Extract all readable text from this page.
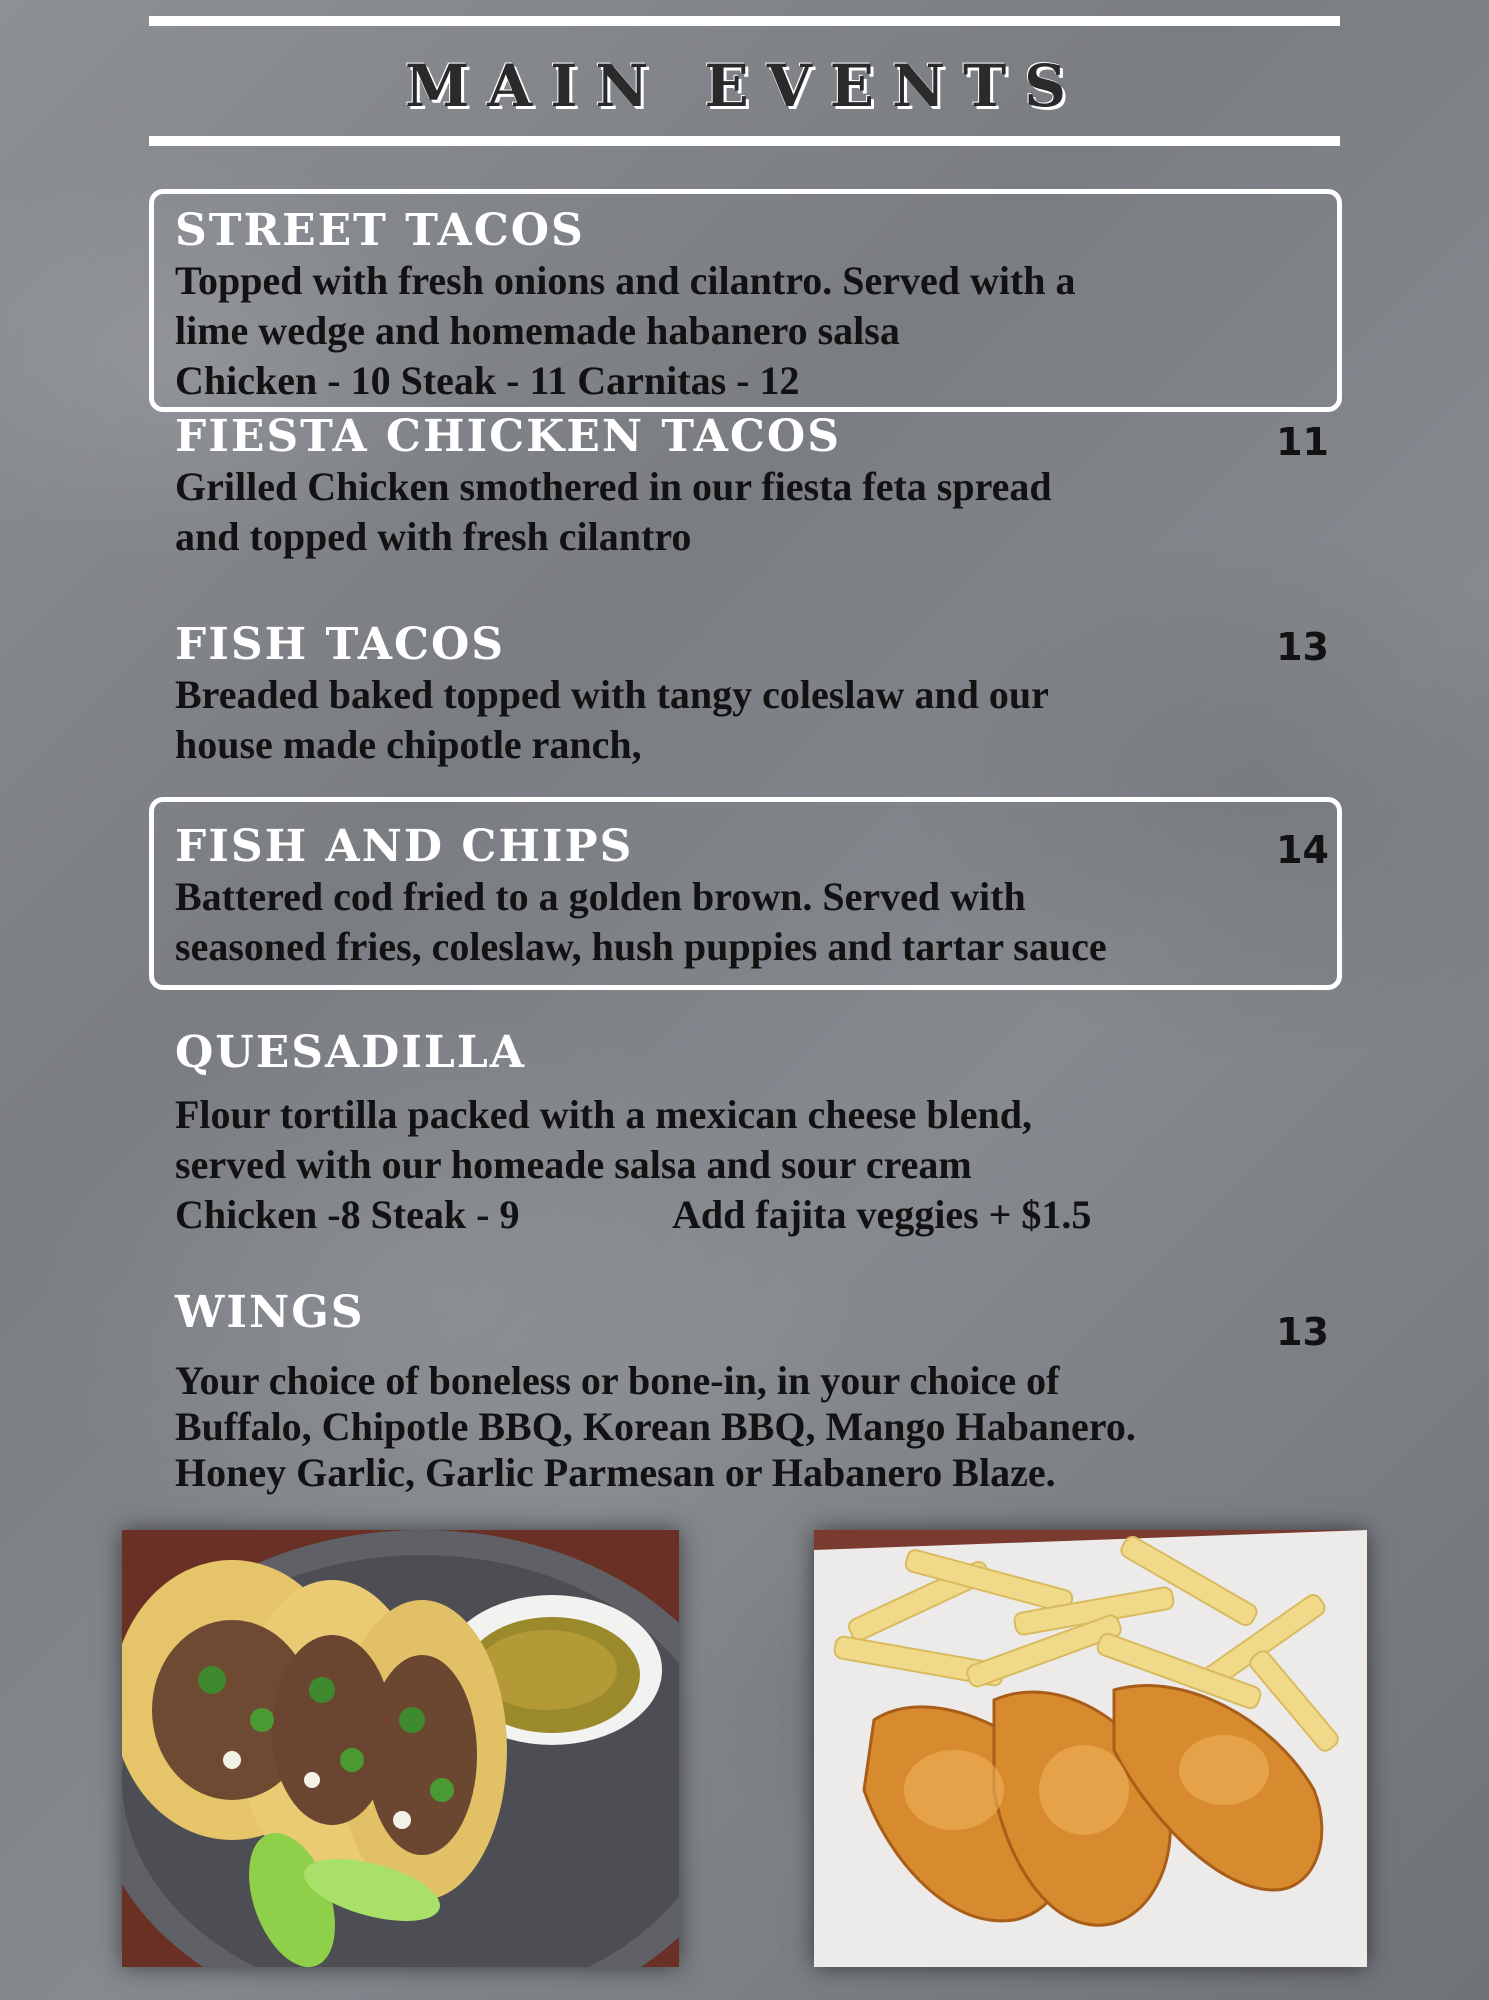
MAIN EVENTS

STREET TACOS

Topped with fresh onions and cilantro. Served with a

lime wedge and homemade habanero salsa

Chicken - 10 Steak - 11 Carnitas - 12

FIESTA CHICKEN TACOS

Grilled Chicken smothered in our fiesta feta spread

and topped with fresh cilantro

11

FISH TACOS

Breaded baked topped with tangy coleslaw and our

house made chipotle ranch,

13

FISH AND CHIPS

Battered cod fried to a golden brown. Served with

seasoned fries, coleslaw, hush puppies and tartar sauce

14

QUESADILLA

Flour tortilla packed with a mexican cheese blend,

served with our homeade salsa and sour cream

Chicken -8 Steak - 9	Add fajita veggies + $1.5

WINGS

Your choice of boneless or bone-in, in your choice of

Buffalo, Chipotle BBQ, Korean BBQ, Mango Habanero.

Honey Garlic, Garlic Parmesan or Habanero Blaze.

13
